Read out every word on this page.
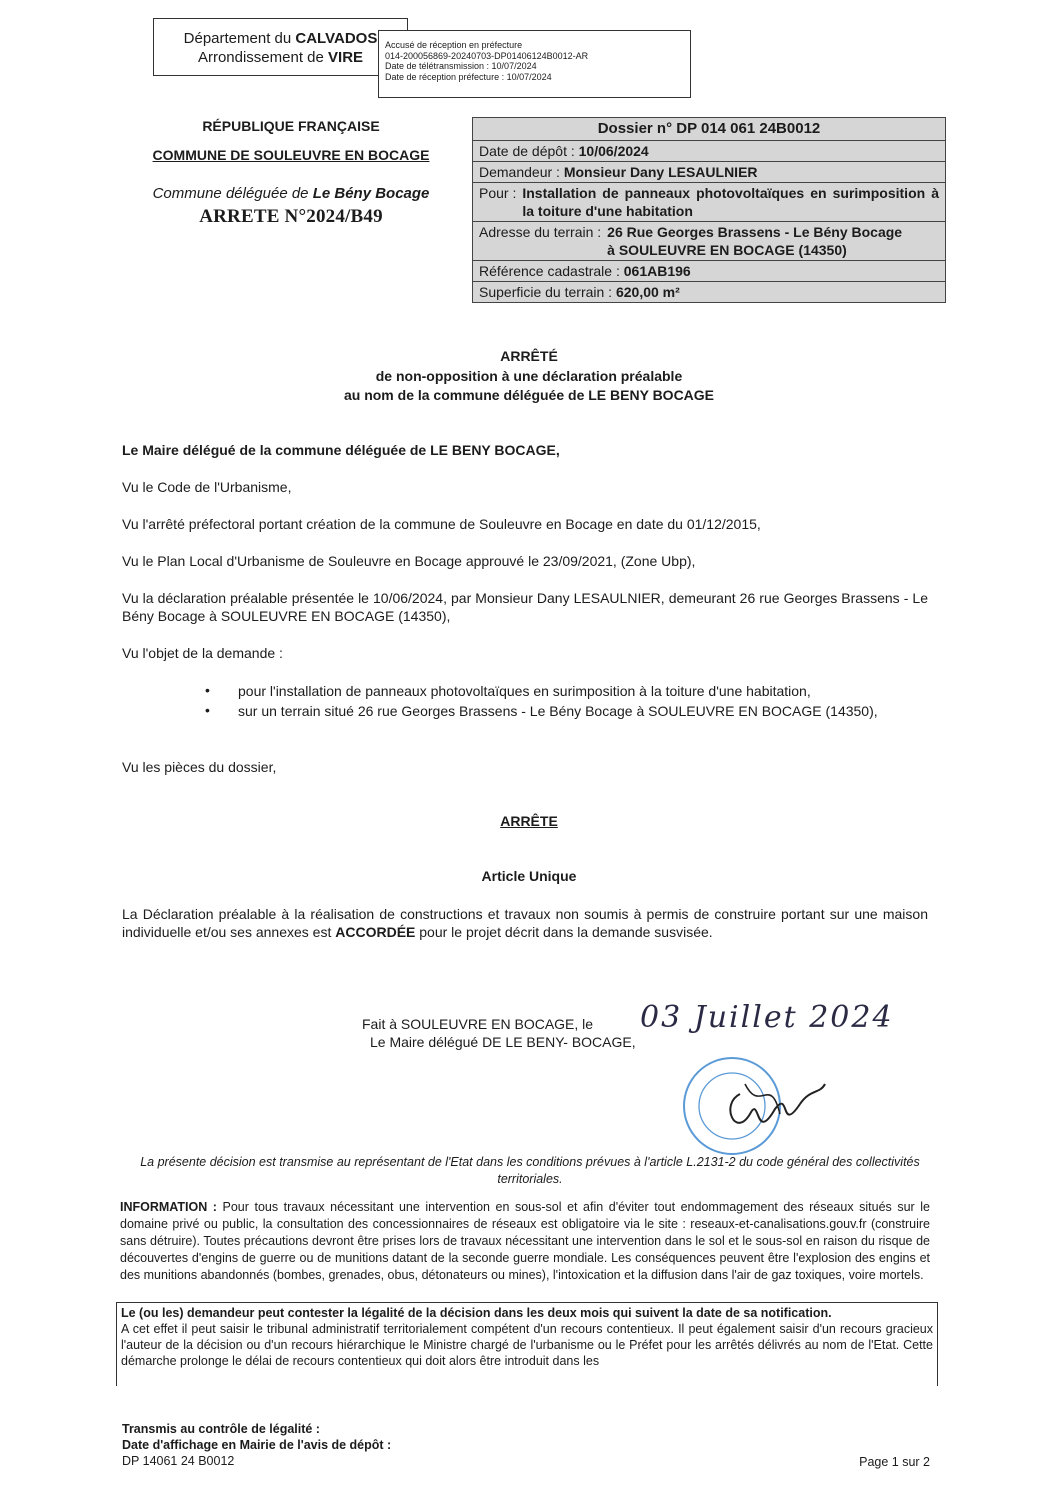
Département du CALVADOS
Arrondissement de VIRE
Accusé de réception en préfecture
014-200056869-20240703-DP01406124B0012-AR
Date de télétransmission : 10/07/2024
Date de réception préfecture : 10/07/2024
RÉPUBLIQUE FRANÇAISE
COMMUNE DE SOULEUVRE EN BOCAGE
Commune déléguée de Le Bény Bocage
ARRETE N°2024/B49
Dossier n° DP 014 061 24B0012
Date de dépôt : 10/06/2024
Demandeur : Monsieur Dany LESAULNIER
Pour : Installation de panneaux photovoltaïques en surimposition à la toiture d'une habitation
Adresse du terrain : 26 Rue Georges Brassens - Le Bény Bocage
à SOULEUVRE EN BOCAGE (14350)
Référence cadastrale : 061AB196
Superficie du terrain : 620,00 m²
ARRÊTÉ
de non-opposition à une déclaration préalable
au nom de la commune déléguée de LE BENY BOCAGE
Le Maire délégué de la commune déléguée de LE BENY BOCAGE,
Vu le Code de l'Urbanisme,
Vu l'arrêté préfectoral portant création de la commune de Souleuvre en Bocage en date du 01/12/2015,
Vu le Plan Local d'Urbanisme de Souleuvre en Bocage approuvé le 23/09/2021, (Zone Ubp),
Vu la déclaration préalable présentée le 10/06/2024, par Monsieur Dany LESAULNIER, demeurant 26 rue Georges Brassens - Le Bény Bocage à SOULEUVRE EN BOCAGE (14350),
Vu l'objet de la demande :
• pour l'installation de panneaux photovoltaïques en surimposition à la toiture d'une habitation,
• sur un terrain situé 26 rue Georges Brassens - Le Bény Bocage à SOULEUVRE EN BOCAGE (14350),
Vu les pièces du dossier,
ARRÊTE
Article Unique
La Déclaration préalable à la réalisation de constructions et travaux non soumis à permis de construire portant sur une maison individuelle et/ou ses annexes est ACCORDÉE pour le projet décrit dans la demande susvisée.
Fait à SOULEUVRE EN BOCAGE, le 03 Juillet 2024
Le Maire délégué DE LE BENY- BOCAGE,
La présente décision est transmise au représentant de l'Etat dans les conditions prévues à l'article L.2131-2 du code général des collectivités territoriales.
INFORMATION : Pour tous travaux nécessitant une intervention en sous-sol et afin d'éviter tout endommagement des réseaux situés sur le domaine privé ou public, la consultation des concessionnaires de réseaux est obligatoire via le site : reseaux-et-canalisations.gouv.fr (construire sans détruire). Toutes précautions devront être prises lors de travaux nécessitant une intervention dans le sol et le sous-sol en raison du risque de découvertes d'engins de guerre ou de munitions datant de la seconde guerre mondiale. Les conséquences peuvent être l'explosion des engins et des munitions abandonnés (bombes, grenades, obus, détonateurs ou mines), l'intoxication et la diffusion dans l'air de gaz toxiques, voire mortels.
Le (ou les) demandeur peut contester la légalité de la décision dans les deux mois qui suivent la date de sa notification.
A cet effet il peut saisir le tribunal administratif territorialement compétent d'un recours contentieux. Il peut également saisir d'un recours gracieux l'auteur de la décision ou d'un recours hiérarchique le Ministre chargé de l'urbanisme ou le Préfet pour les arrêtés délivrés au nom de l'Etat. Cette démarche prolonge le délai de recours contentieux qui doit alors être introduit dans les
Transmis au contrôle de légalité :
Date d'affichage en Mairie de l'avis de dépôt :
DP 14061 24 B0012	Page 1 sur 2
